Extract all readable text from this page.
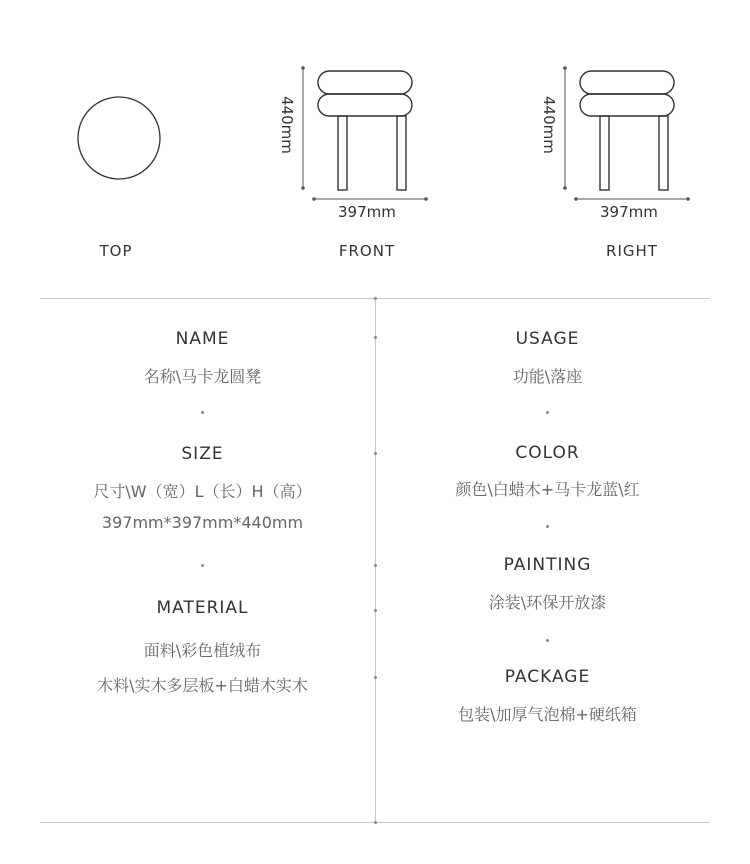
TOP
440mm
397mm
FRONT
440mm
397mm
RIGHT
NAME
名称\马卡龙圆凳
SIZE
尺寸\W（宽）L（长）H（高）
397mm*397mm*440mm
MATERIAL
面料\彩色植绒布
木料\实木多层板+白蜡木实木
USAGE
功能\落座
COLOR
颜色\白蜡木+马卡龙蓝\红
PAINTING
涂装\环保开放漆
PACKAGE
包装\加厚气泡棉+硬纸箱
